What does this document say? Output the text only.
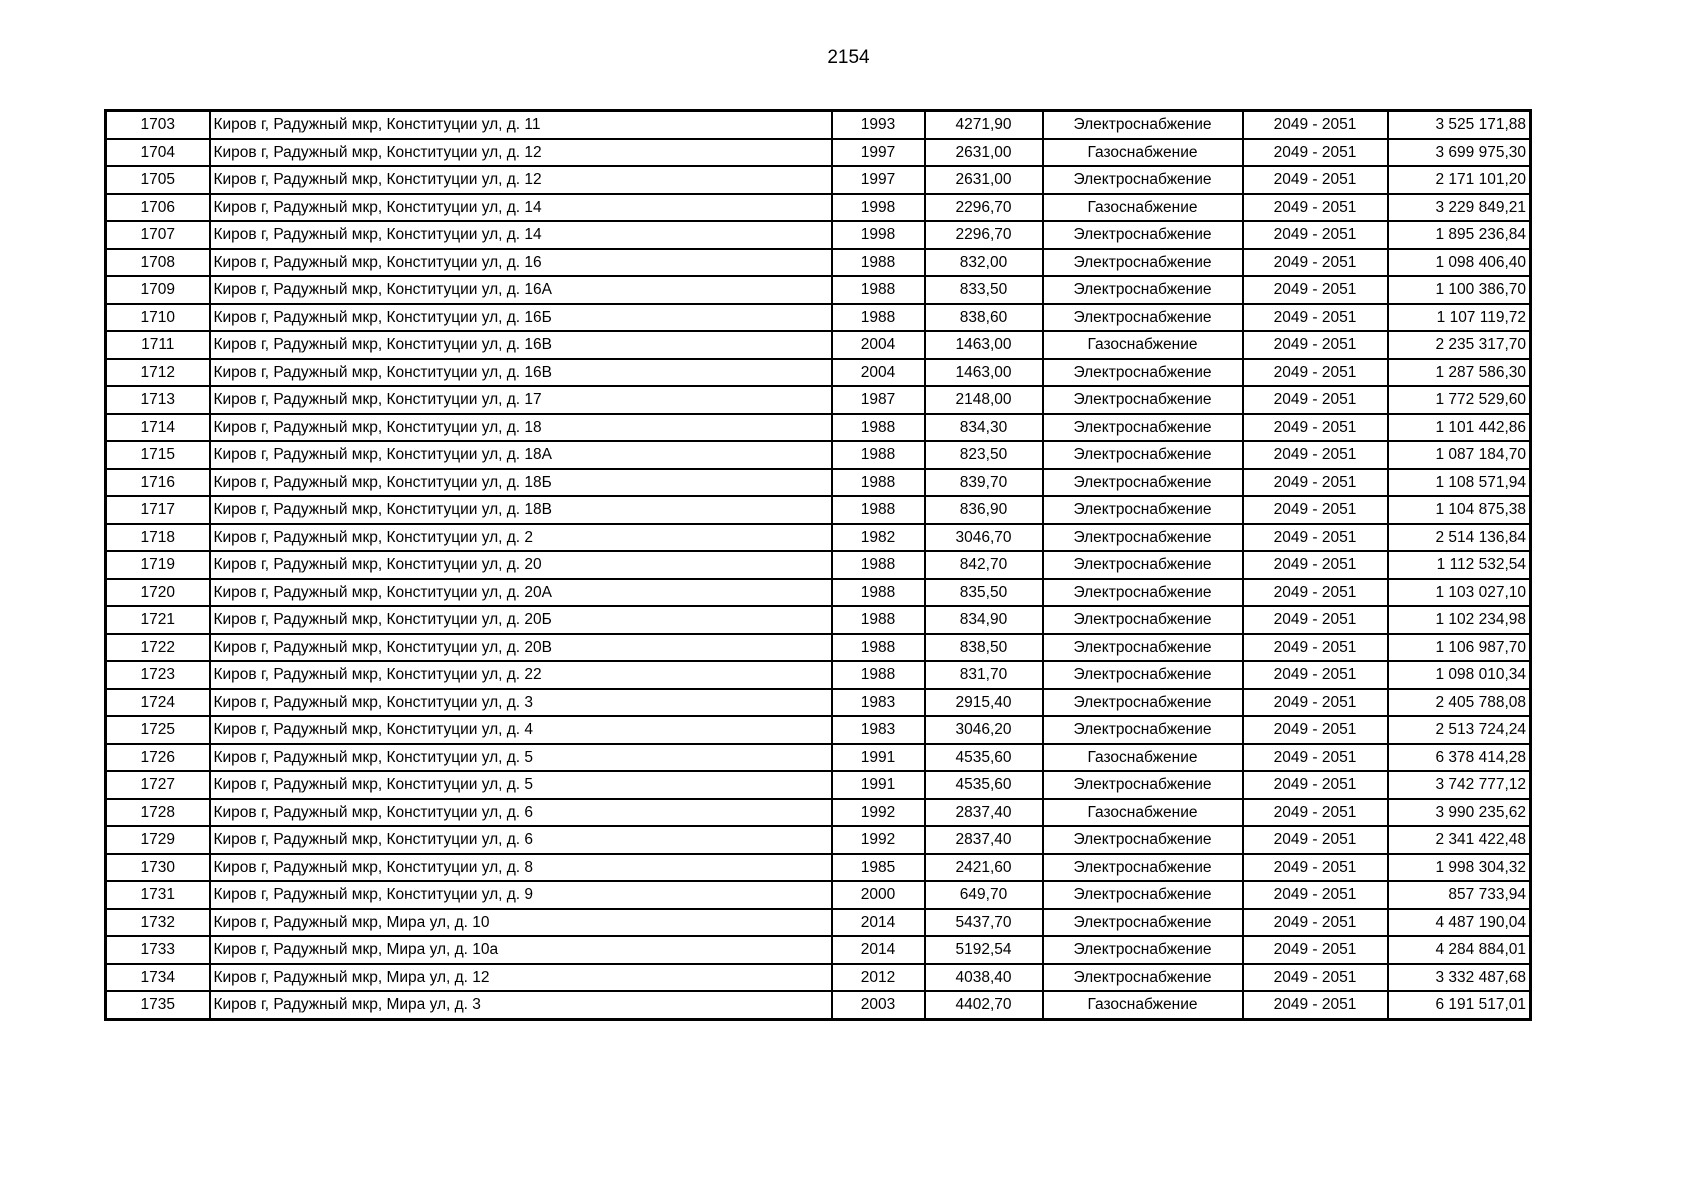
2154
1703	Киров г, Радужный мкр, Конституции ул, д. 11	1993	4271,90	Электроснабжение	2049 - 2051	3 525 171,88
1704	Киров г, Радужный мкр, Конституции ул, д. 12	1997	2631,00	Газоснабжение	2049 - 2051	3 699 975,30
1705	Киров г, Радужный мкр, Конституции ул, д. 12	1997	2631,00	Электроснабжение	2049 - 2051	2 171 101,20
1706	Киров г, Радужный мкр, Конституции ул, д. 14	1998	2296,70	Газоснабжение	2049 - 2051	3 229 849,21
1707	Киров г, Радужный мкр, Конституции ул, д. 14	1998	2296,70	Электроснабжение	2049 - 2051	1 895 236,84
1708	Киров г, Радужный мкр, Конституции ул, д. 16	1988	832,00	Электроснабжение	2049 - 2051	1 098 406,40
1709	Киров г, Радужный мкр, Конституции ул, д. 16А	1988	833,50	Электроснабжение	2049 - 2051	1 100 386,70
1710	Киров г, Радужный мкр, Конституции ул, д. 16Б	1988	838,60	Электроснабжение	2049 - 2051	1 107 119,72
1711	Киров г, Радужный мкр, Конституции ул, д. 16В	2004	1463,00	Газоснабжение	2049 - 2051	2 235 317,70
1712	Киров г, Радужный мкр, Конституции ул, д. 16В	2004	1463,00	Электроснабжение	2049 - 2051	1 287 586,30
1713	Киров г, Радужный мкр, Конституции ул, д. 17	1987	2148,00	Электроснабжение	2049 - 2051	1 772 529,60
1714	Киров г, Радужный мкр, Конституции ул, д. 18	1988	834,30	Электроснабжение	2049 - 2051	1 101 442,86
1715	Киров г, Радужный мкр, Конституции ул, д. 18А	1988	823,50	Электроснабжение	2049 - 2051	1 087 184,70
1716	Киров г, Радужный мкр, Конституции ул, д. 18Б	1988	839,70	Электроснабжение	2049 - 2051	1 108 571,94
1717	Киров г, Радужный мкр, Конституции ул, д. 18В	1988	836,90	Электроснабжение	2049 - 2051	1 104 875,38
1718	Киров г, Радужный мкр, Конституции ул, д. 2	1982	3046,70	Электроснабжение	2049 - 2051	2 514 136,84
1719	Киров г, Радужный мкр, Конституции ул, д. 20	1988	842,70	Электроснабжение	2049 - 2051	1 112 532,54
1720	Киров г, Радужный мкр, Конституции ул, д. 20А	1988	835,50	Электроснабжение	2049 - 2051	1 103 027,10
1721	Киров г, Радужный мкр, Конституции ул, д. 20Б	1988	834,90	Электроснабжение	2049 - 2051	1 102 234,98
1722	Киров г, Радужный мкр, Конституции ул, д. 20В	1988	838,50	Электроснабжение	2049 - 2051	1 106 987,70
1723	Киров г, Радужный мкр, Конституции ул, д. 22	1988	831,70	Электроснабжение	2049 - 2051	1 098 010,34
1724	Киров г, Радужный мкр, Конституции ул, д. 3	1983	2915,40	Электроснабжение	2049 - 2051	2 405 788,08
1725	Киров г, Радужный мкр, Конституции ул, д. 4	1983	3046,20	Электроснабжение	2049 - 2051	2 513 724,24
1726	Киров г, Радужный мкр, Конституции ул, д. 5	1991	4535,60	Газоснабжение	2049 - 2051	6 378 414,28
1727	Киров г, Радужный мкр, Конституции ул, д. 5	1991	4535,60	Электроснабжение	2049 - 2051	3 742 777,12
1728	Киров г, Радужный мкр, Конституции ул, д. 6	1992	2837,40	Газоснабжение	2049 - 2051	3 990 235,62
1729	Киров г, Радужный мкр, Конституции ул, д. 6	1992	2837,40	Электроснабжение	2049 - 2051	2 341 422,48
1730	Киров г, Радужный мкр, Конституции ул, д. 8	1985	2421,60	Электроснабжение	2049 - 2051	1 998 304,32
1731	Киров г, Радужный мкр, Конституции ул, д. 9	2000	649,70	Электроснабжение	2049 - 2051	857 733,94
1732	Киров г, Радужный мкр, Мира ул, д. 10	2014	5437,70	Электроснабжение	2049 - 2051	4 487 190,04
1733	Киров г, Радужный мкр, Мира ул, д. 10а	2014	5192,54	Электроснабжение	2049 - 2051	4 284 884,01
1734	Киров г, Радужный мкр, Мира ул, д. 12	2012	4038,40	Электроснабжение	2049 - 2051	3 332 487,68
1735	Киров г, Радужный мкр, Мира ул, д. 3	2003	4402,70	Газоснабжение	2049 - 2051	6 191 517,01
